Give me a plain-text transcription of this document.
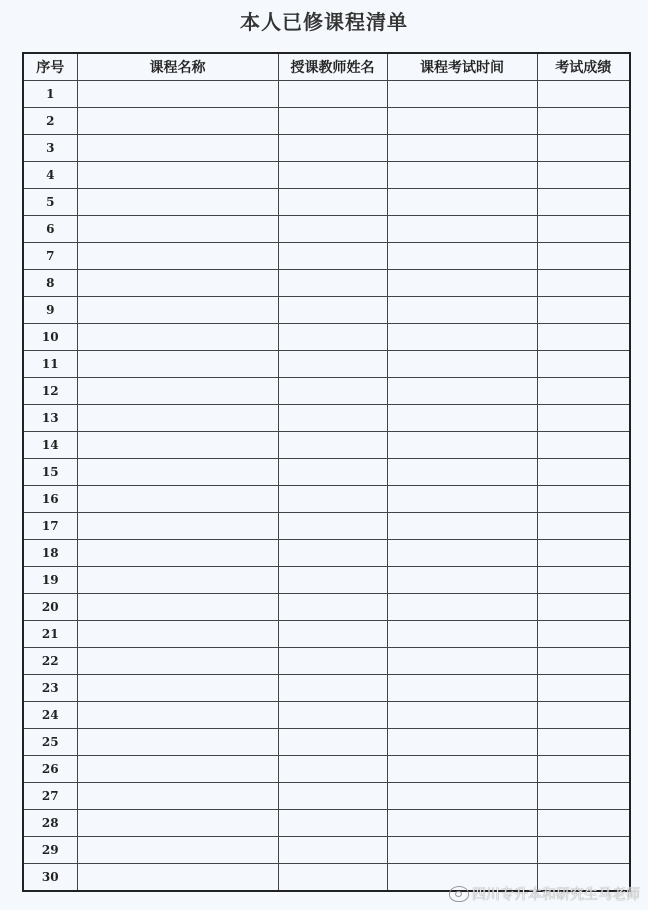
本人已修课程清单
序号	课程名称	授课教师姓名	课程考试时间	考试成绩
1				
2				
3				
4				
5				
6				
7				
8				
9				
10				
11				
12				
13				
14				
15				
16				
17				
18				
19				
20				
21				
22				
23				
24				
25				
26				
27				
28				
29				
30				
四川专升本和研究生马老师
